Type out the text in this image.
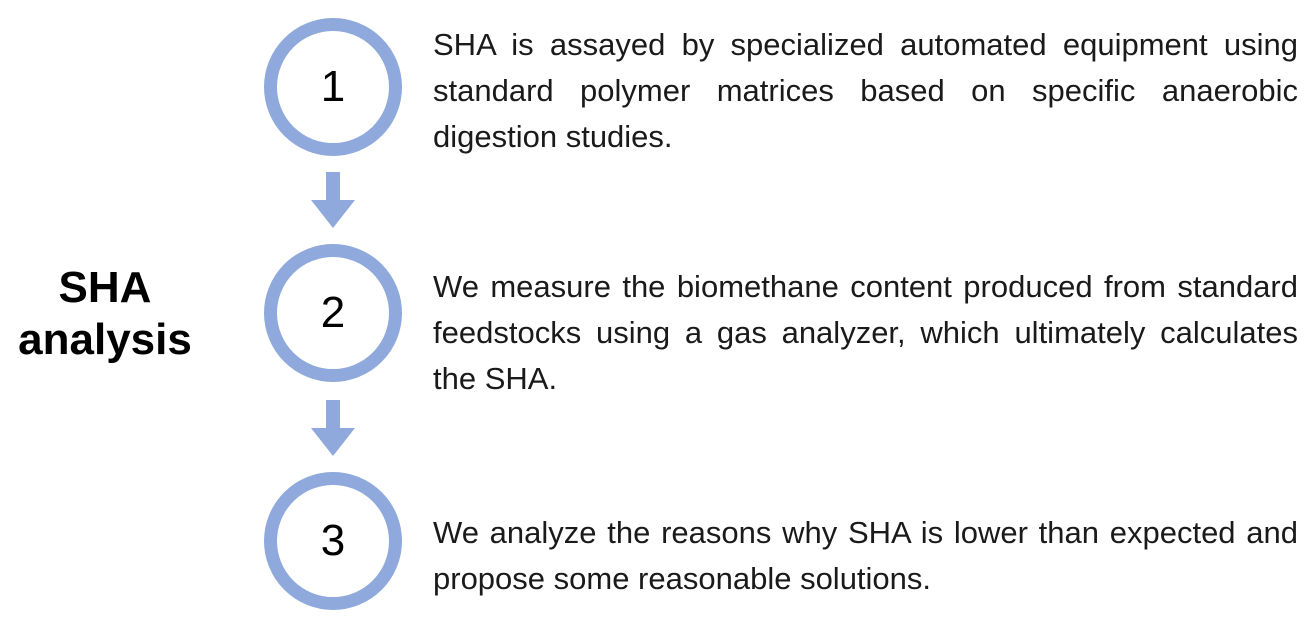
SHA
analysis
1
2
3
SHA is assayed by specialized automated equipment using standard polymer matrices based on specific anaerobic digestion studies.
We measure the biomethane content produced from standard feedstocks using a gas analyzer, which ultimately calculates the SHA.
We analyze the reasons why SHA is lower than expected and propose some reasonable solutions.
